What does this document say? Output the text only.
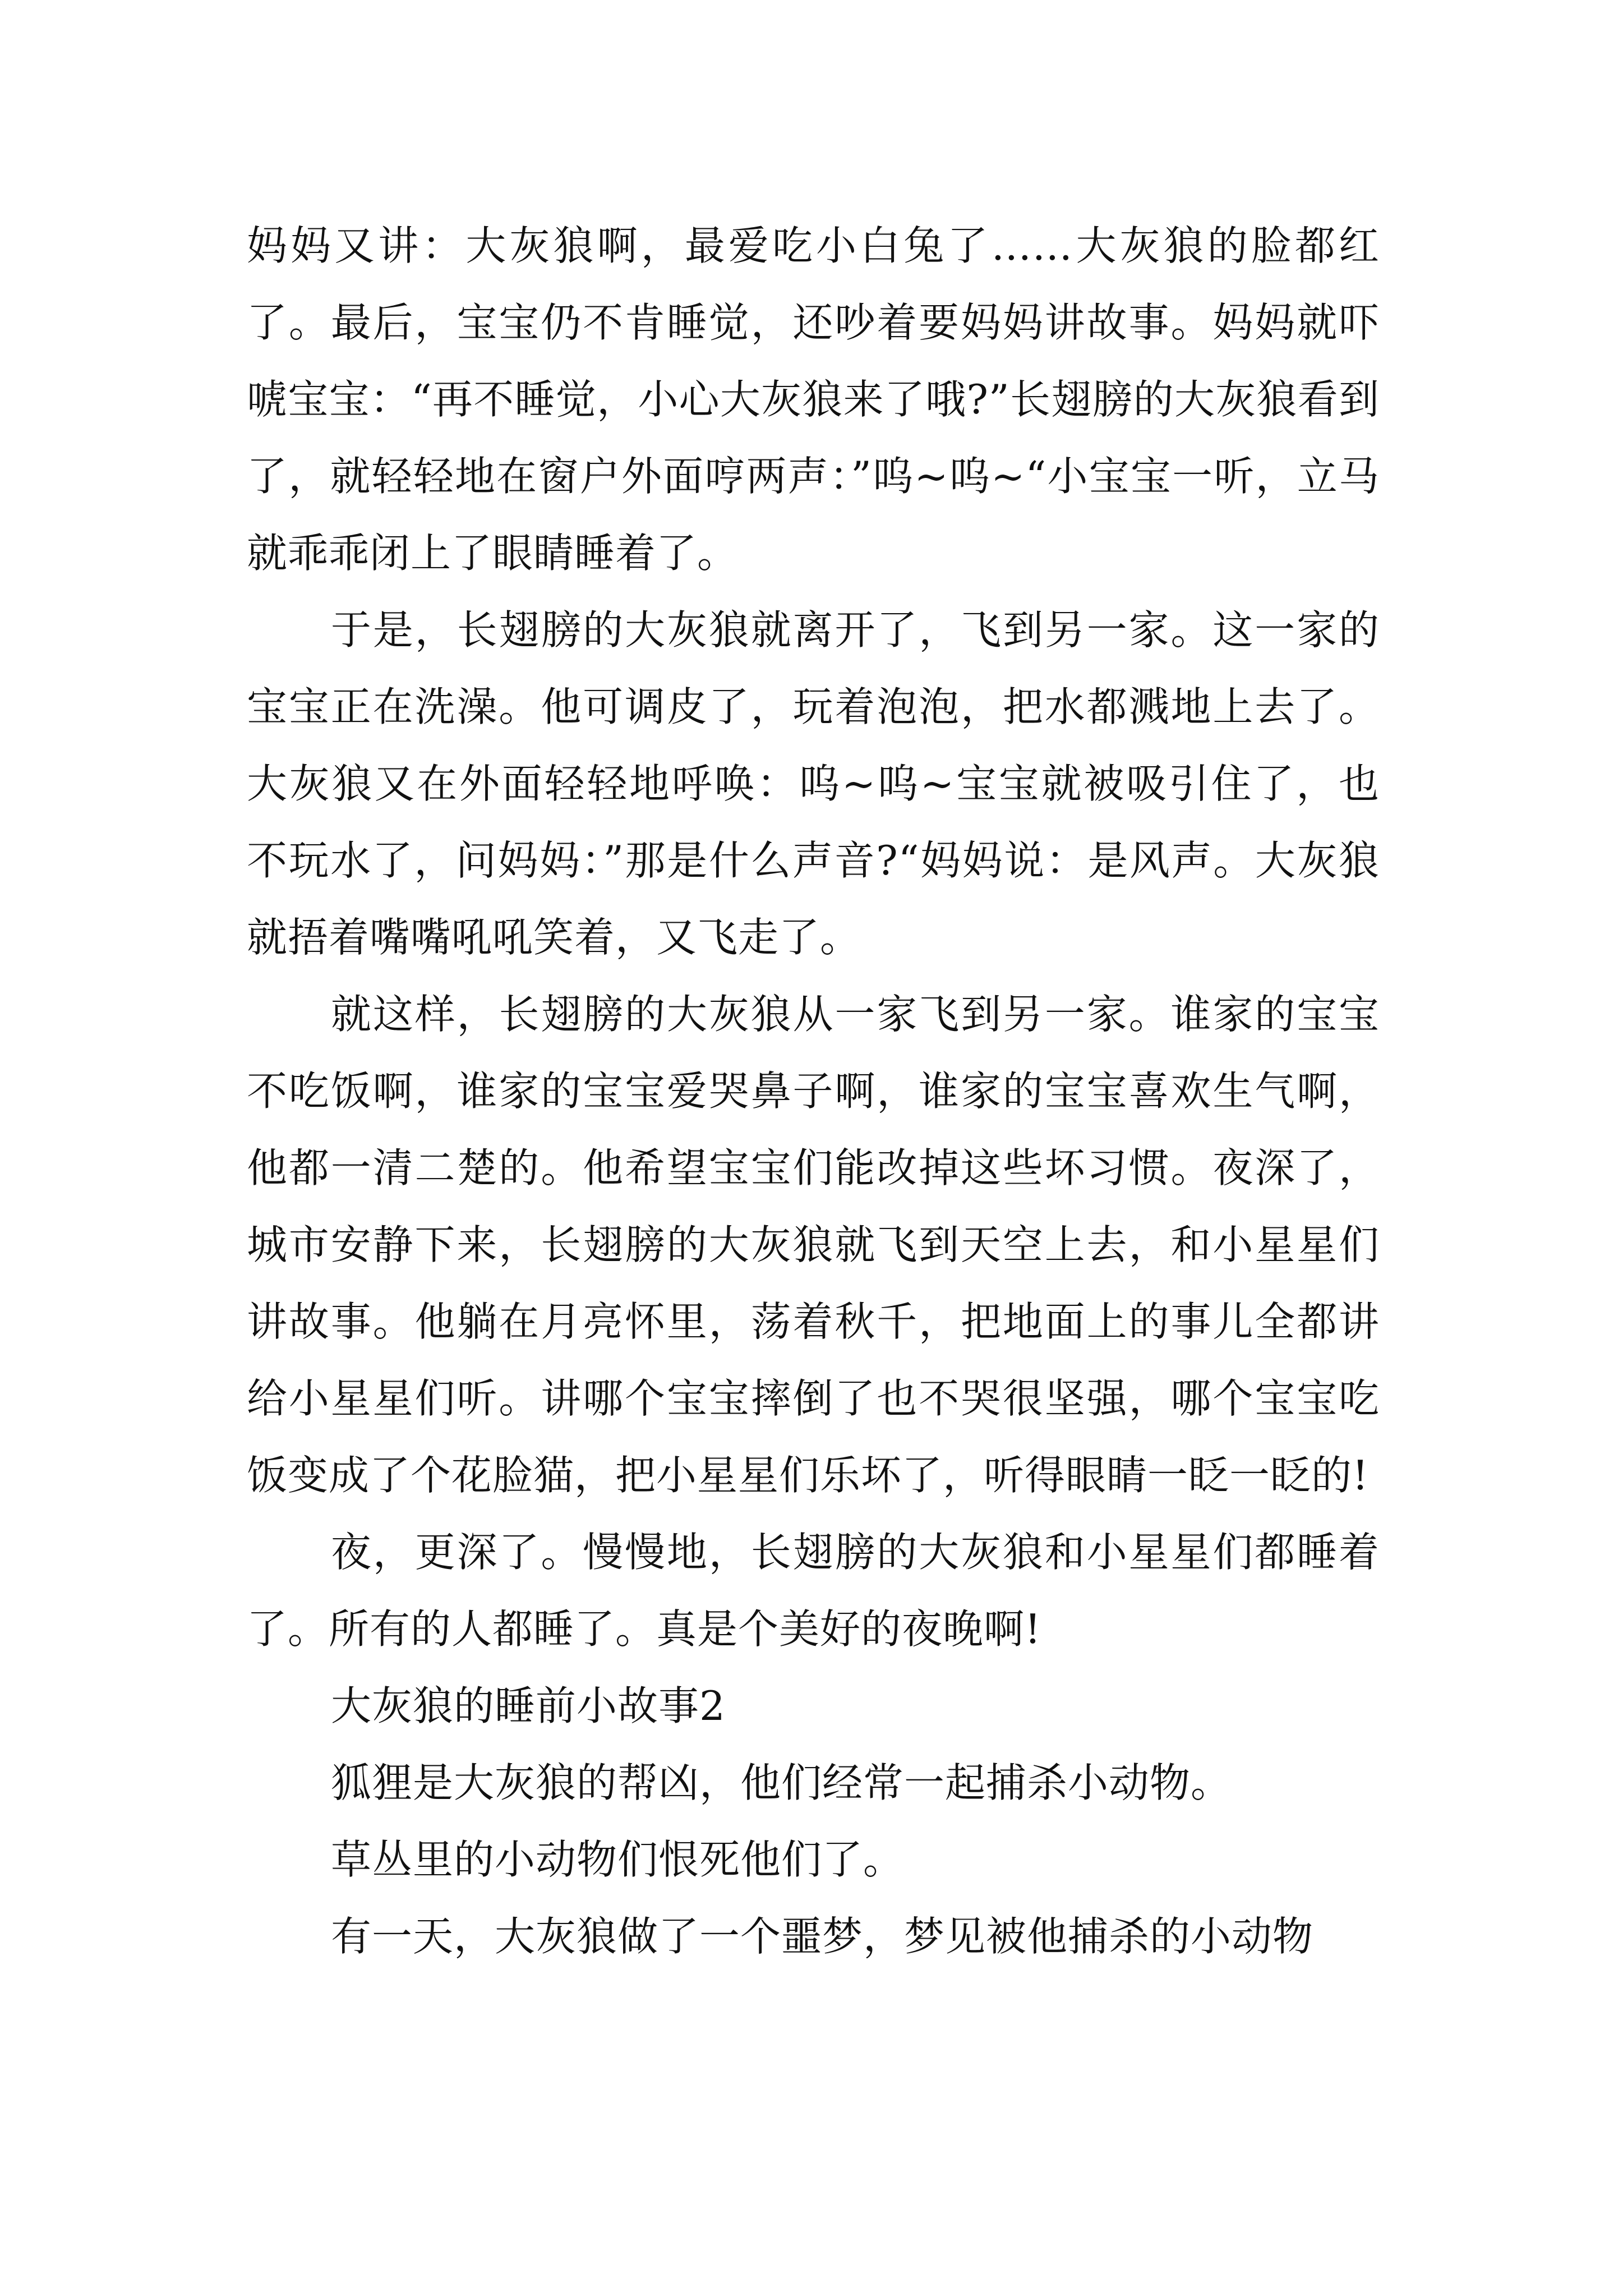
妈妈又讲：大灰狼啊，最爱吃小白兔了……大灰狼的脸都红了。最后，宝宝仍不肯睡觉，还吵着要妈妈讲故事。妈妈就吓唬宝宝：“再不睡觉，小心大灰狼来了哦?”长翅膀的大灰狼看到了，就轻轻地在窗户外面哼两声：”呜~呜~“小宝宝一听，立马就乖乖闭上了眼睛睡着了。

于是，长翅膀的大灰狼就离开了，飞到另一家。这一家的宝宝正在洗澡。他可调皮了，玩着泡泡，把水都溅地上去了。大灰狼又在外面轻轻地呼唤：呜~呜~宝宝就被吸引住了，也不玩水了，问妈妈：”那是什么声音?“妈妈说：是风声。大灰狼就捂着嘴嘴吼吼笑着，又飞走了。

就这样，长翅膀的大灰狼从一家飞到另一家。谁家的宝宝不吃饭啊，谁家的宝宝爱哭鼻子啊，谁家的宝宝喜欢生气啊，他都一清二楚的。他希望宝宝们能改掉这些坏习惯。夜深了，城市安静下来，长翅膀的大灰狼就飞到天空上去，和小星星们讲故事。他躺在月亮怀里，荡着秋千，把地面上的事儿全都讲给小星星们听。讲哪个宝宝摔倒了也不哭很坚强，哪个宝宝吃饭变成了个花脸猫，把小星星们乐坏了，听得眼睛一眨一眨的!

夜，更深了。慢慢地，长翅膀的大灰狼和小星星们都睡着了。所有的人都睡了。真是个美好的夜晚啊!

大灰狼的睡前小故事2

狐狸是大灰狼的帮凶，他们经常一起捕杀小动物。

草丛里的小动物们恨死他们了。

有一天，大灰狼做了一个噩梦，梦见被他捕杀的小动物
